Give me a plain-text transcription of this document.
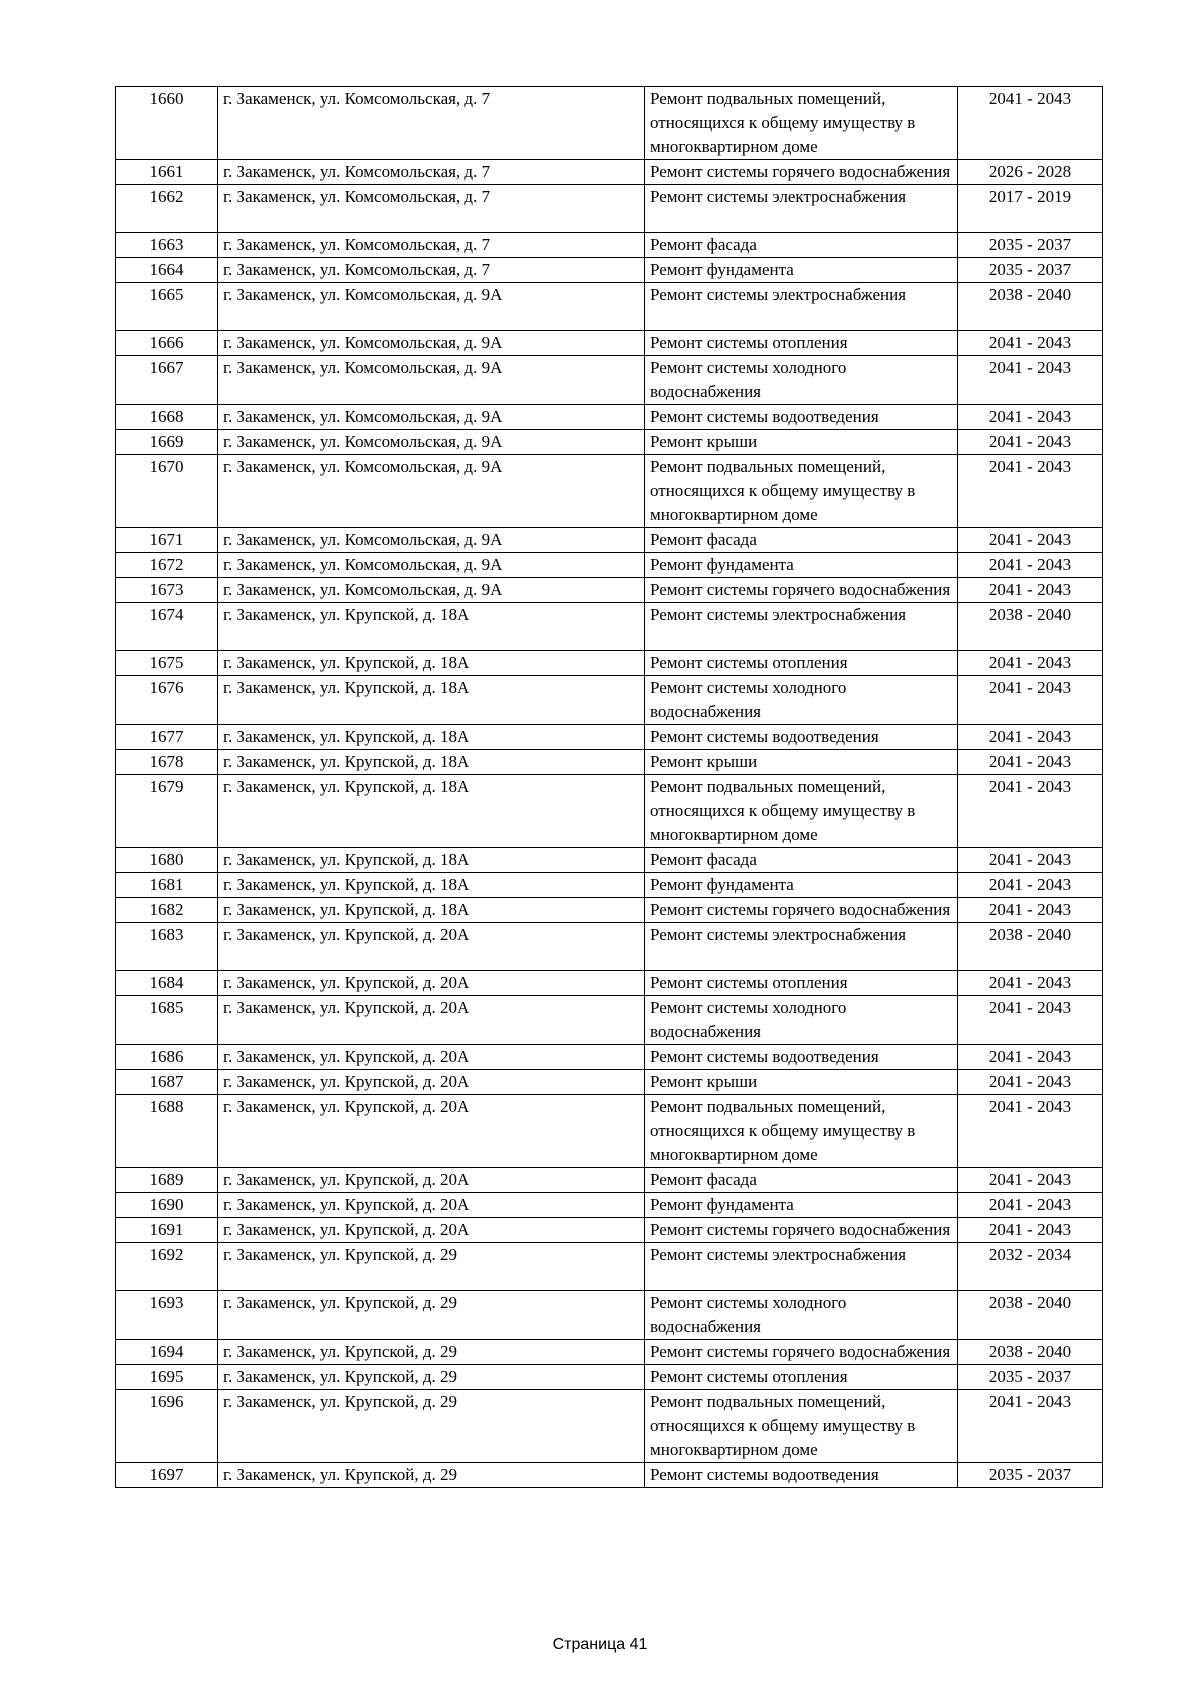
1660	г. Закаменск, ул. Комсомольская, д. 7	Ремонт подвальных помещений, относящихся к общему имуществу в многоквартирном доме	2041 - 2043
1661	г. Закаменск, ул. Комсомольская, д. 7	Ремонт системы горячего водоснабжения	2026 - 2028
1662	г. Закаменск, ул. Комсомольская, д. 7	Ремонт системы электроснабжения	2017 - 2019
1663	г. Закаменск, ул. Комсомольская, д. 7	Ремонт фасада	2035 - 2037
1664	г. Закаменск, ул. Комсомольская, д. 7	Ремонт фундамента	2035 - 2037
1665	г. Закаменск, ул. Комсомольская, д. 9А	Ремонт системы электроснабжения	2038 - 2040
1666	г. Закаменск, ул. Комсомольская, д. 9А	Ремонт системы отопления	2041 - 2043
1667	г. Закаменск, ул. Комсомольская, д. 9А	Ремонт системы холодного водоснабжения	2041 - 2043
1668	г. Закаменск, ул. Комсомольская, д. 9А	Ремонт системы водоотведения	2041 - 2043
1669	г. Закаменск, ул. Комсомольская, д. 9А	Ремонт крыши	2041 - 2043
1670	г. Закаменск, ул. Комсомольская, д. 9А	Ремонт подвальных помещений, относящихся к общему имуществу в многоквартирном доме	2041 - 2043
1671	г. Закаменск, ул. Комсомольская, д. 9А	Ремонт фасада	2041 - 2043
1672	г. Закаменск, ул. Комсомольская, д. 9А	Ремонт фундамента	2041 - 2043
1673	г. Закаменск, ул. Комсомольская, д. 9А	Ремонт системы горячего водоснабжения	2041 - 2043
1674	г. Закаменск, ул. Крупской, д. 18А	Ремонт системы электроснабжения	2038 - 2040
1675	г. Закаменск, ул. Крупской, д. 18А	Ремонт системы отопления	2041 - 2043
1676	г. Закаменск, ул. Крупской, д. 18А	Ремонт системы холодного водоснабжения	2041 - 2043
1677	г. Закаменск, ул. Крупской, д. 18А	Ремонт системы водоотведения	2041 - 2043
1678	г. Закаменск, ул. Крупской, д. 18А	Ремонт крыши	2041 - 2043
1679	г. Закаменск, ул. Крупской, д. 18А	Ремонт подвальных помещений, относящихся к общему имуществу в многоквартирном доме	2041 - 2043
1680	г. Закаменск, ул. Крупской, д. 18А	Ремонт фасада	2041 - 2043
1681	г. Закаменск, ул. Крупской, д. 18А	Ремонт фундамента	2041 - 2043
1682	г. Закаменск, ул. Крупской, д. 18А	Ремонт системы горячего водоснабжения	2041 - 2043
1683	г. Закаменск, ул. Крупской, д. 20А	Ремонт системы электроснабжения	2038 - 2040
1684	г. Закаменск, ул. Крупской, д. 20А	Ремонт системы отопления	2041 - 2043
1685	г. Закаменск, ул. Крупской, д. 20А	Ремонт системы холодного водоснабжения	2041 - 2043
1686	г. Закаменск, ул. Крупской, д. 20А	Ремонт системы водоотведения	2041 - 2043
1687	г. Закаменск, ул. Крупской, д. 20А	Ремонт крыши	2041 - 2043
1688	г. Закаменск, ул. Крупской, д. 20А	Ремонт подвальных помещений, относящихся к общему имуществу в многоквартирном доме	2041 - 2043
1689	г. Закаменск, ул. Крупской, д. 20А	Ремонт фасада	2041 - 2043
1690	г. Закаменск, ул. Крупской, д. 20А	Ремонт фундамента	2041 - 2043
1691	г. Закаменск, ул. Крупской, д. 20А	Ремонт системы горячего водоснабжения	2041 - 2043
1692	г. Закаменск, ул. Крупской, д. 29	Ремонт системы электроснабжения	2032 - 2034
1693	г. Закаменск, ул. Крупской, д. 29	Ремонт системы холодного водоснабжения	2038 - 2040
1694	г. Закаменск, ул. Крупской, д. 29	Ремонт системы горячего водоснабжения	2038 - 2040
1695	г. Закаменск, ул. Крупской, д. 29	Ремонт системы отопления	2035 - 2037
1696	г. Закаменск, ул. Крупской, д. 29	Ремонт подвальных помещений, относящихся к общему имуществу в многоквартирном доме	2041 - 2043
1697	г. Закаменск, ул. Крупской, д. 29	Ремонт системы водоотведения	2035 - 2037
Страница 41
